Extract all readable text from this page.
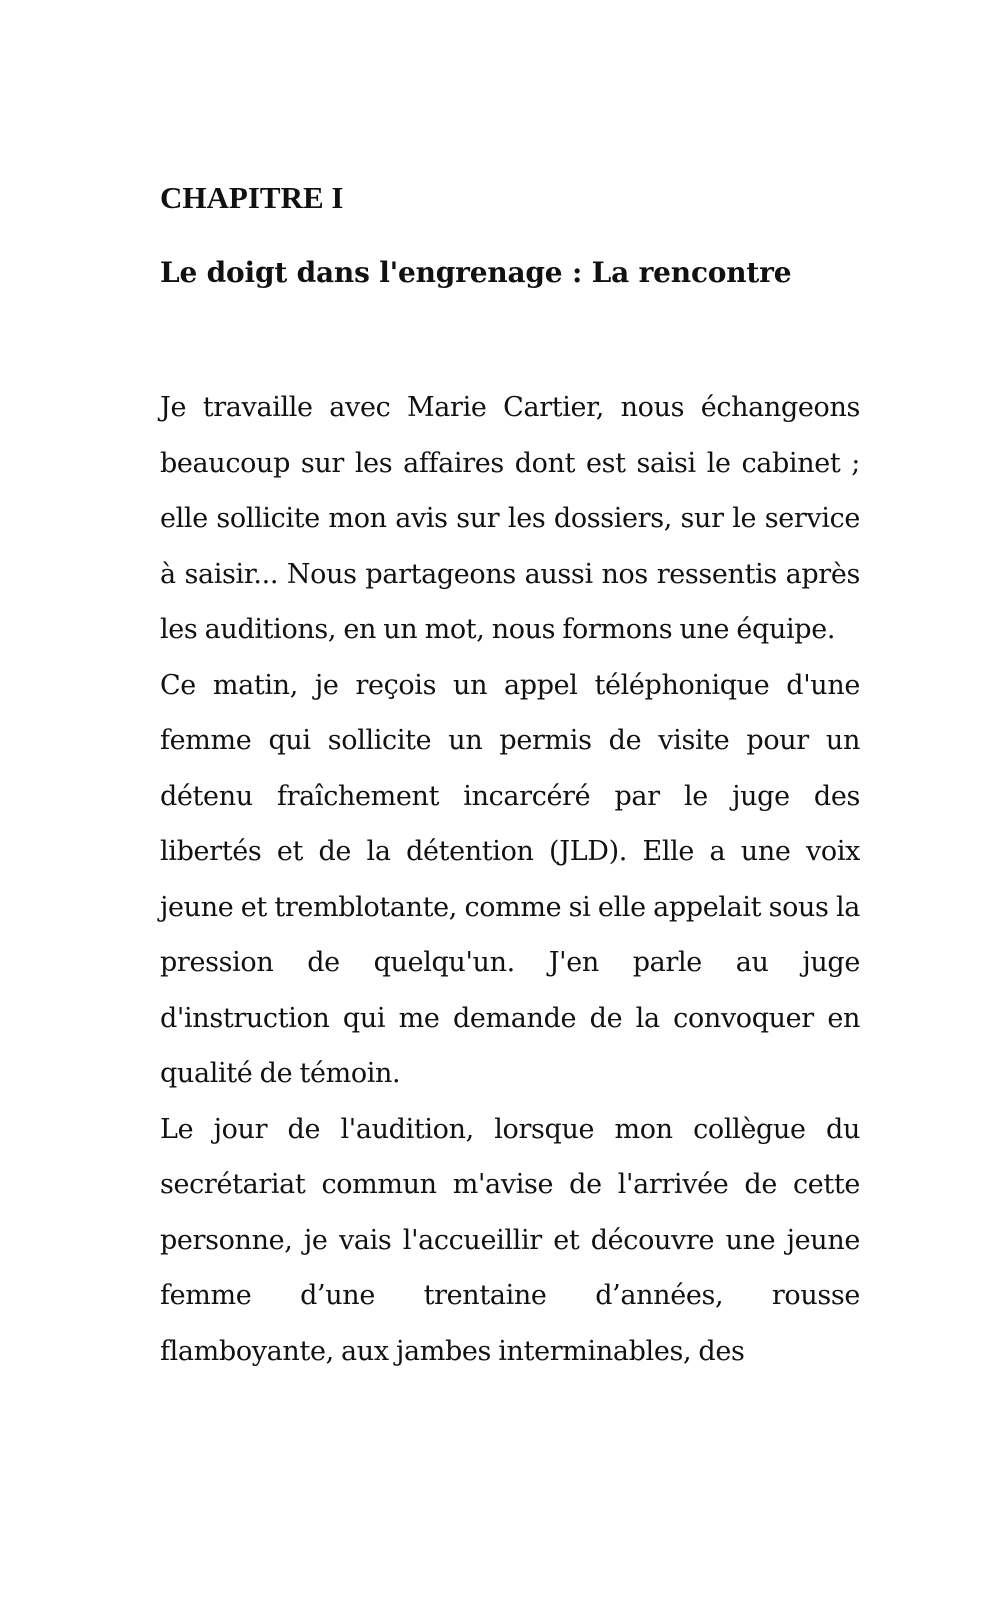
CHAPITRE I
Le doigt dans l'engrenage : La rencontre

Je travaille avec Marie Cartier, nous échangeons beaucoup sur les affaires dont est saisi le cabinet ; elle sollicite mon avis sur les dossiers, sur le service à saisir... Nous partageons aussi nos ressentis après les auditions, en un mot, nous formons une équipe.

Ce matin, je reçois un appel téléphonique d'une femme qui sollicite un permis de visite pour un détenu fraîchement incarcéré par le juge des libertés et de la détention (JLD). Elle a une voix jeune et tremblotante, comme si elle appelait sous la pression de quelqu'un. J'en parle au juge d'instruction qui me demande de la convoquer en qualité de témoin.

Le jour de l'audition, lorsque mon collègue du secrétariat commun m'avise de l'arrivée de cette personne, je vais l'accueillir et découvre une jeune femme d’une trentaine d’années, rousse flamboyante, aux jambes interminables, des
